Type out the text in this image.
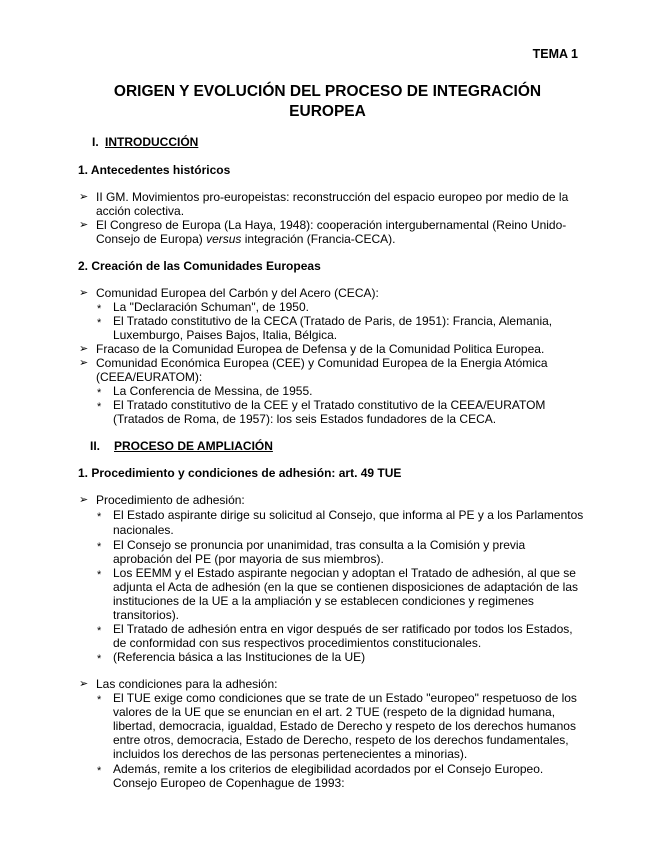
TEMA 1
ORIGEN Y EVOLUCIÓN DEL PROCESO DE INTEGRACIÓN
EUROPEA
I. INTRODUCCIÓN
1. Antecedentes históricos
➢ II GM. Movimientos pro-europeistas: reconstrucción del espacio europeo por medio de la
acción colectiva.
➢ El Congreso de Europa (La Haya, 1948): cooperación intergubernamental (Reino Unido-
Consejo de Europa) versus integración (Francia-CECA).
2. Creación de las Comunidades Europeas
➢ Comunidad Europea del Carbón y del Acero (CECA):
* La "Declaración Schuman", de 1950.
* El Tratado constitutivo de la CECA (Tratado de Paris, de 1951): Francia, Alemania,
Luxemburgo, Paises Bajos, Italia, Bélgica.
➢ Fracaso de la Comunidad Europea de Defensa y de la Comunidad Politica Europea.
➢ Comunidad Económica Europea (CEE) y Comunidad Europea de la Energia Atómica
(CEEA/EURATOM):
* La Conferencia de Messina, de 1955.
* El Tratado constitutivo de la CEE y el Tratado constitutivo de la CEEA/EURATOM
(Tratados de Roma, de 1957): los seis Estados fundadores de la CECA.
II. PROCESO DE AMPLIACIÓN
1. Procedimiento y condiciones de adhesión: art. 49 TUE
➢ Procedimiento de adhesión:
* El Estado aspirante dirige su solicitud al Consejo, que informa al PE y a los Parlamentos
nacionales.
* El Consejo se pronuncia por unanimidad, tras consulta a la Comisión y previa
aprobación del PE (por mayoria de sus miembros).
* Los EEMM y el Estado aspirante negocian y adoptan el Tratado de adhesión, al que se
adjunta el Acta de adhesión (en la que se contienen disposiciones de adaptación de las
instituciones de la UE a la ampliación y se establecen condiciones y regimenes
transitorios).
* El Tratado de adhesión entra en vigor después de ser ratificado por todos los Estados,
de conformidad con sus respectivos procedimientos constitucionales.
* (Referencia básica a las Instituciones de la UE)
➢ Las condiciones para la adhesión:
* El TUE exige como condiciones que se trate de un Estado "europeo" respetuoso de los
valores de la UE que se enuncian en el art. 2 TUE (respeto de la dignidad humana,
libertad, democracia, igualdad, Estado de Derecho y respeto de los derechos humanos
entre otros, democracia, Estado de Derecho, respeto de los derechos fundamentales,
incluidos los derechos de las personas pertenecientes a minorias).
* Además, remite a los criterios de elegibilidad acordados por el Consejo Europeo.
Consejo Europeo de Copenhague de 1993:
